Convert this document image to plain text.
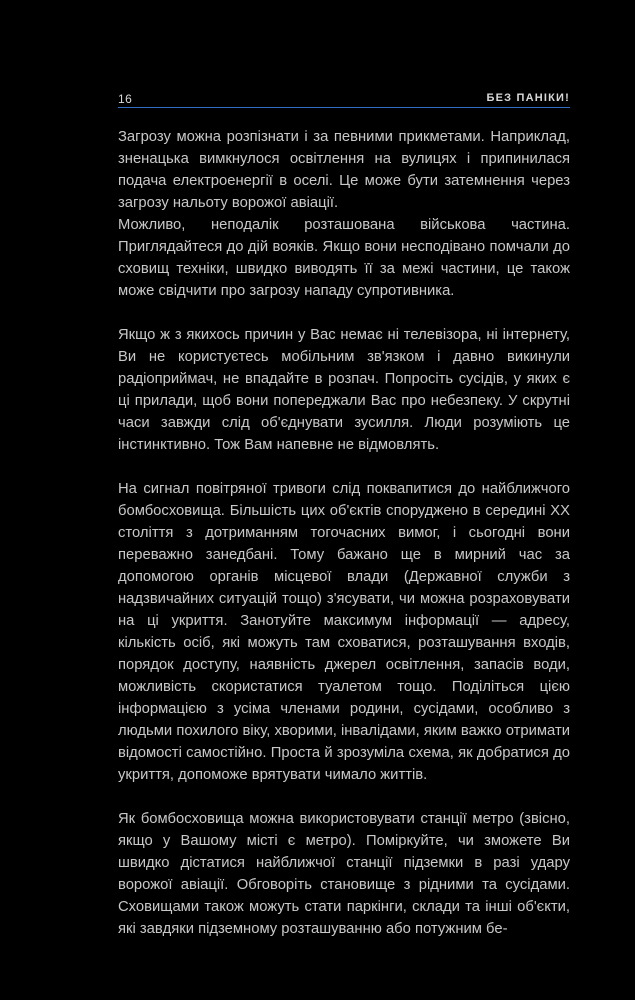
16	БЕЗ ПАНІКИ!

Загрозу можна розпізнати і за певними прикметами. Наприклад, зненацька вимкнулося освітлення на вулицях і припинилася подача електроенергії в оселі. Це може бути затемнення через загрозу нальоту ворожої авіації.

Можливо, неподалік розташована військова частина. Приглядайтеся до дій вояків. Якщо вони несподівано помчали до сховищ техніки, швидко виводять її за межі частини, це також може свідчити про загрозу нападу супротивника.

Якщо ж з якихось причин у Вас немає ні телевізора, ні інтернету, Ви не користуєтесь мобільним зв'язком і давно викинули радіоприймач, не впадайте в розпач. Попросіть сусідів, у яких є ці прилади, щоб вони попереджали Вас про небезпеку. У скрутні часи завжди слід об'єднувати зусилля. Люди розуміють це інстинктивно. Тож Вам напевне не відмовлять.

На сигнал повітряної тривоги слід поквапитися до найближчого бомбосховища. Більшість цих об'єктів споруджено в середині XX століття з дотриманням тогочасних вимог, і сьогодні вони переважно занедбані. Тому бажано ще в мирний час за допомогою органів місцевої влади (Державної служби з надзвичайних ситуацій тощо) з'ясувати, чи можна розраховувати на ці укриття. Занотуйте максимум інформації — адресу, кількість осіб, які можуть там сховатися, розташування входів, порядок доступу, наявність джерел освітлення, запасів води, можливість скористатися туалетом тощо. Поділіться цією інформацією з усіма членами родини, сусідами, особливо з людьми похилого віку, хворими, інвалідами, яким важко отримати відомості самостійно. Проста й зрозуміла схема, як добратися до укриття, допоможе врятувати чимало життів.

Як бомбосховища можна використовувати станції метро (звісно, якщо у Вашому місті є метро). Поміркуйте, чи зможете Ви швидко дістатися найближчої станції підземки в разі удару ворожої авіації. Обговоріть становище з рідними та сусідами. Сховищами також можуть стати паркінги, склади та інші об'єкти, які завдяки підземному розташуванню або потужним бе-
